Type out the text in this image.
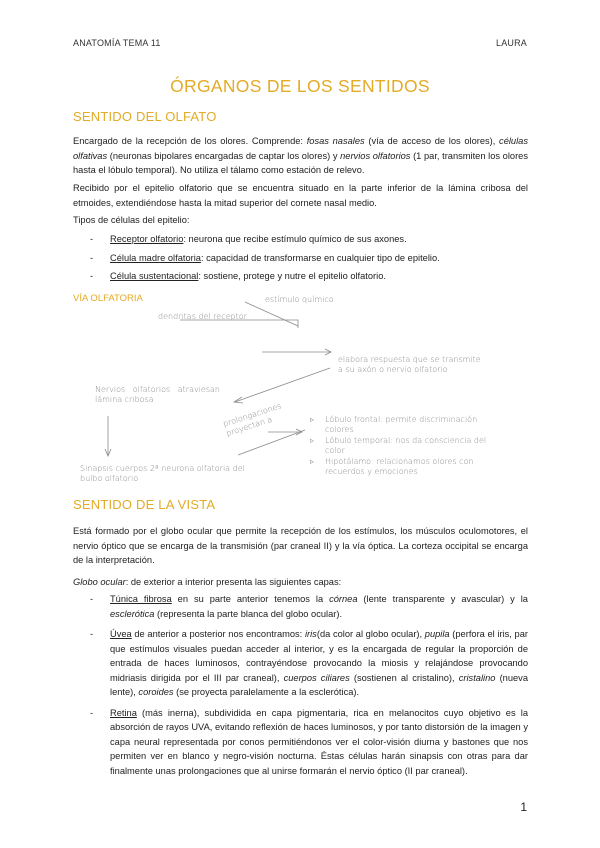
ANATOMÍA TEMA 11	LAURA
ÓRGANOS DE LOS SENTIDOS
SENTIDO DEL OLFATO
Encargado de la recepción de los olores. Comprende: fosas nasales (vía de acceso de los olores), células olfativas (neuronas bipolares encargadas de captar los olores) y nervios olfatorios (1 par, transmiten los olores hasta el lóbulo temporal). No utiliza el tálamo como estación de relevo.
Recibido por el epitelio olfatorio que se encuentra situado en la parte inferior de la lámina cribosa del etmoides, extendiéndose hasta la mitad superior del cornete nasal medio.
Tipos de células del epitelio:
- Receptor olfatorio: neurona que recibe estímulo químico de sus axones.
- Célula madre olfatoria: capacidad de transformarse en cualquier tipo de epitelio.
- Célula sustentacional: sostiene, protege y nutre el epitelio olfatorio.
VÍA OLFATORIA	estímulo químico
dendritas del receptor
elabora respuesta que se transmite a su axón o nervio olfatorio
Nervios olfatorios atraviesan lámina cribosa
prolongaciones proyectan a
Sinapsis cuerpos 2ª neurona olfatoria del bulbo olfatorio
▹ Lóbulo frontal: permite discriminación colores
▹ Lóbulo temporal: nos da consciencia del color
▹ Hipotálamo: relacionamos olores con recuerdos y emociones
SENTIDO DE LA VISTA
Está formado por el globo ocular que permite la recepción de los estímulos, los músculos oculomotores, el nervio óptico que se encarga de la transmisión (par craneal II) y la vía óptica. La corteza occipital se encarga de la interpretación.
Globo ocular: de exterior a interior presenta las siguientes capas:
- Túnica fibrosa en su parte anterior tenemos la córnea (lente transparente y avascular) y la esclerótica (representa la parte blanca del globo ocular).
- Úvea de anterior a posterior nos encontramos: iris(da color al globo ocular), pupila (perfora el iris, par que estímulos visuales puedan acceder al interior, y es la encargada de regular la proporción de entrada de haces luminosos, contrayéndose provocando la miosis y relajándose provocando midriasis dirigida por el III par craneal), cuerpos ciliares (sostienen al cristalino), cristalino (nueva lente), coroides (se proyecta paralelamente a la esclerótica).
- Retina (más inerna), subdividida en capa pigmentaria, rica en melanocitos cuyo objetivo es la absorción de rayos UVA, evitando reflexión de haces luminosos, y por tanto distorsión de la imagen y capa neural representada por conos permitiéndonos ver el color-visión diurna y bastones que nos permiten ver en blanco y negro-visión nocturna. Éstas células harán sinapsis con otras para dar finalmente unas prolongaciones que al unirse formarán el nervio óptico (II par craneal).
1
